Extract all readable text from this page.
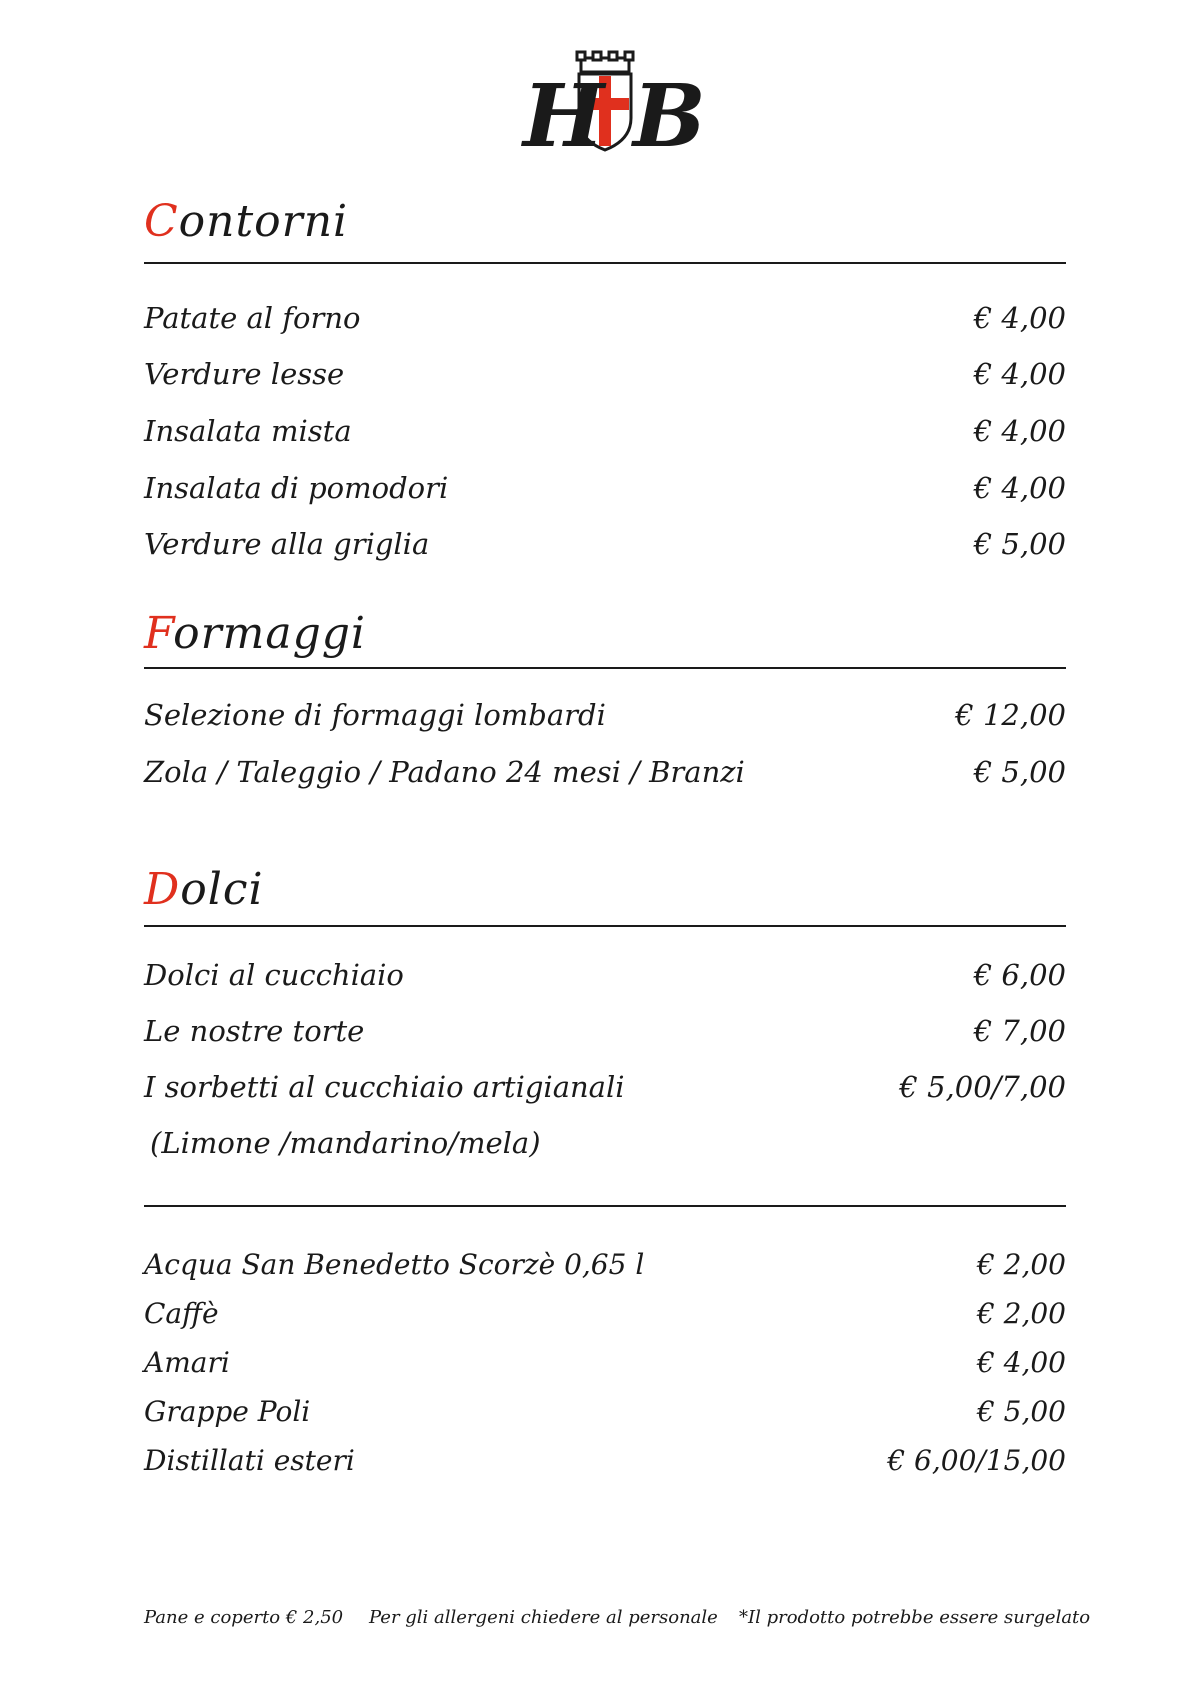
H B
Contorni
Patate al forno	€ 4,00
Verdure lesse	€ 4,00
Insalata mista	€ 4,00
Insalata di pomodori	€ 4,00
Verdure alla griglia	€ 5,00
Formaggi
Selezione di formaggi lombardi	€ 12,00
Zola / Taleggio / Padano 24 mesi / Branzi	€ 5,00
Dolci
Dolci al cucchiaio	€ 6,00
Le nostre torte	€ 7,00
I sorbetti al cucchiaio artigianali	€ 5,00/7,00
(Limone /mandarino/mela)
Acqua San Benedetto Scorzè 0,65 l	€ 2,00
Caffè	€ 2,00
Amari	€ 4,00
Grappe Poli	€ 5,00
Distillati esteri	€ 6,00/15,00
Pane e coperto € 2,50 Per gli allergeni chiedere al personale *Il prodotto potrebbe essere surgelato
